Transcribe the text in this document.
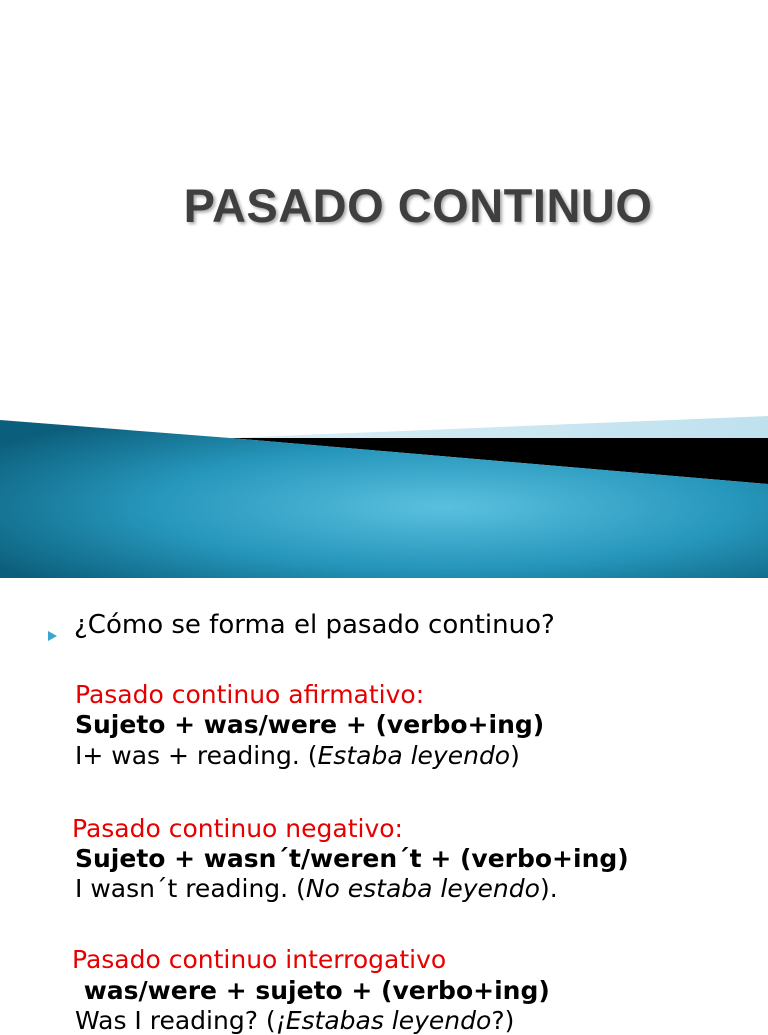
PASADO CONTINUO
¿Cómo se forma el pasado continuo?
Pasado continuo afirmativo:
Sujeto + was/were + (verbo+ing)
I+ was + reading. (Estaba leyendo)
Pasado continuo negativo:
Sujeto + wasn´t/weren´t + (verbo+ing)
I wasn´t reading. (No estaba leyendo).
Pasado continuo interrogativo
was/were + sujeto + (verbo+ing)
Was I reading? (¡Estabas leyendo?)
